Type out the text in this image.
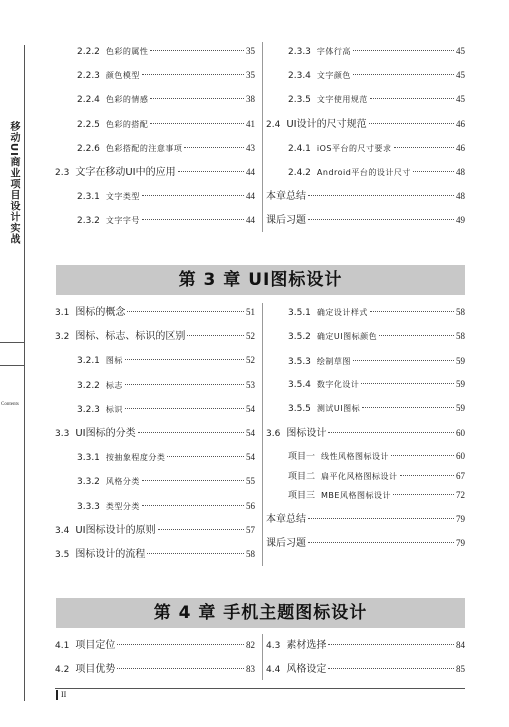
移动UI商业项目设计实战
Contents
第 3 章 UI图标设计
第 4 章 手机主题图标设计
2.2.2 色彩的属性	35
2.2.3 颜色模型	35
2.2.4 色彩的情感	38
2.2.5 色彩的搭配	41
2.2.6 色彩搭配的注意事项	43
2.3 文字在移动UI中的应用	44
2.3.1 文字类型	44
2.3.2 文字字号	44
2.3.3 字体行高	45
2.3.4 文字颜色	45
2.3.5 文字使用规范	45
2.4 UI设计的尺寸规范	46
2.4.1 iOS平台的尺寸要求	46
2.4.2 Android平台的设计尺寸	48
本章总结	48
课后习题	49
3.1 图标的概念	51
3.2 图标、标志、标识的区别	52
3.2.1 图标	52
3.2.2 标志	53
3.2.3 标识	54
3.3 UI图标的分类	54
3.3.1 按抽象程度分类	54
3.3.2 风格分类	55
3.3.3 类型分类	56
3.4 UI图标设计的原则	57
3.5 图标设计的流程	58
3.5.1 确定设计样式	58
3.5.2 确定UI图标颜色	58
3.5.3 绘制草图	59
3.5.4 数字化设计	59
3.5.5 测试UI图标	59
3.6 图标设计	60
项目一 线性风格图标设计	60
项目二 扁平化风格图标设计	67
项目三 MBE风格图标设计	72
本章总结	79
课后习题	79
4.1 项目定位	82
4.2 项目优势	83
4.3 素材选择	84
4.4 风格设定	85
II
